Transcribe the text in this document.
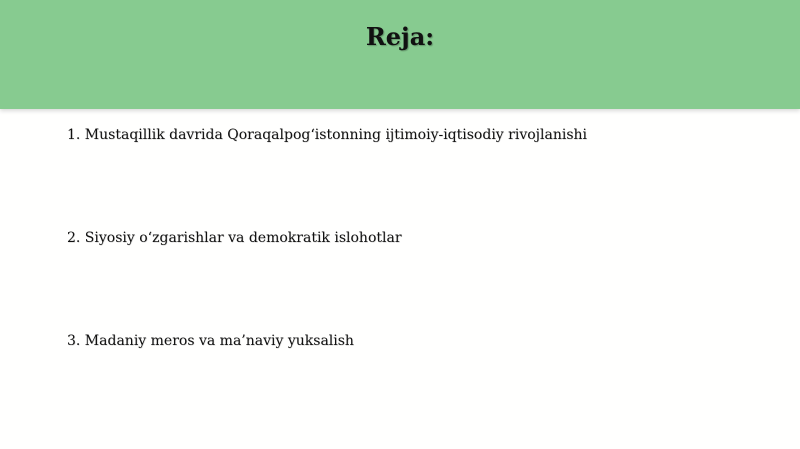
Reja:
1. Mustaqillik davrida Qoraqalpog‘istonning ijtimoiy-iqtisodiy rivojlanishi
2. Siyosiy o‘zgarishlar va demokratik islohotlar
3. Madaniy meros va ma’naviy yuksalish
